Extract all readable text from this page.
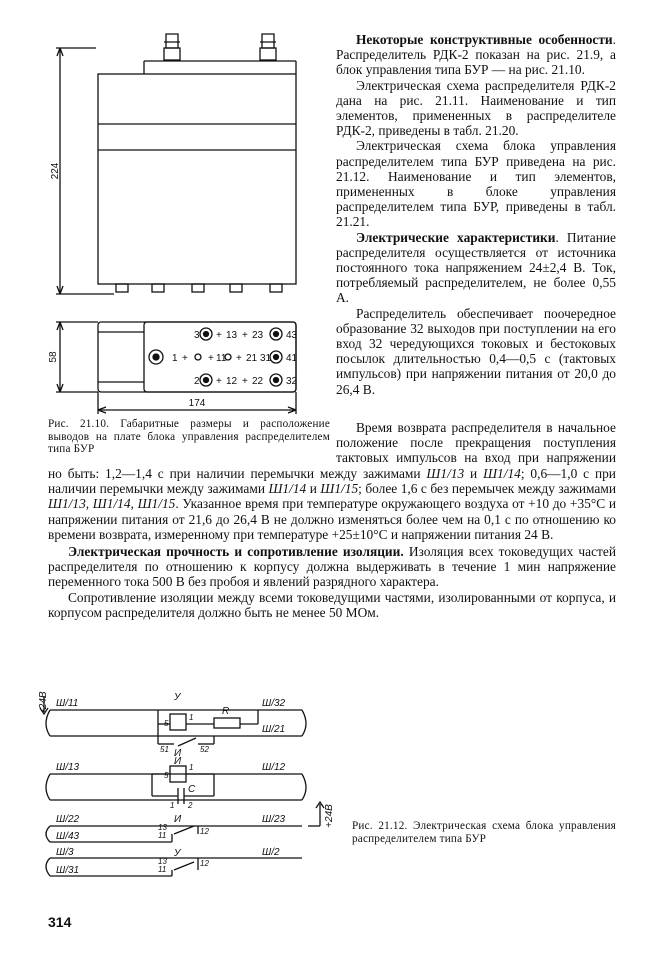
224
58
174
+ 13 + 23 43
1 + + 11 + 21 31 41
+ 12 + 22 32
3
2
Рис. 21.10. Габаритные размеры и расположение выводов на плате блока управления распределителем типа БУР
Некоторые конструктивные особенности. Распределитель РДК-2 показан на рис. 21.9, а блок управления типа БУР — на рис. 21.10.
Электрическая схема распределителя РДК-2 дана на рис. 21.11. Наименование и тип элементов, примененных в распределителе РДК-2, приведены в табл. 21.20.
Электрическая схема блока управления распределителем типа БУР приведена на рис. 21.12. Наименование и тип элементов, примененных в блоке управления распределителем типа БУР, приведены в табл. 21.21.
Электрические характеристики. Питание распределителя осуществляется от источника постоянного тока напряжением 24±2,4 В. Ток, потребляемый распределителем, не более 0,55 А.
Распределитель обеспечивает поочередное образование 32 выходов при поступлении на его вход 32 чередующихся токовых и бестоковых посылок длительностью 0,4—0,5 с (тактовых импульсов) при напряжении питания от 20,0 до 26,4 В.
Время возврата распределителя в начальное положение после прекращения поступления тактовых импульсов на вход при напряжении
но быть: 1,2—1,4 с при наличии перемычки между зажимами Ш1/13 и Ш1/14; 0,6—1,0 с при наличии перемычки между зажимами Ш1/14 и Ш1/15; более 1,6 с без перемычек между зажимами Ш1/13, Ш1/14, Ш1/15. Указанное время при температуре окружающего воздуха от +10 до +35°С и напряжении питания от 21,6 до 26,4 В не должно изменяться более чем на 0,1 с по отношению ко времени возврата, измеренному при температуре +25±10°С и напряжении питания 24 В.
Электрическая прочность и сопротивление изоляции. Изоляция всех токоведущих частей распределителя по отношению к корпусу должна выдерживать в течение 1 мин напряжение переменного тока 500 В без пробоя и явлений разрядного характера.
Сопротивление изоляции между всеми токоведущими частями, изолированными от корпуса, и корпусом распределителя должно быть не менее 50 МОм.
-24В
+24В
Ш/11	Ш/32
Ш/21
Ш/13	Ш/12
Ш/22	Ш/23
Ш/43
Ш/3	Ш/2
Ш/31
У
R
И
И
C
И
У
5
1
5
1
51	52
1 2
13
11	12
13
11
12
Рис. 21.12. Электрическая схема блока управления распределителем типа БУР
314
